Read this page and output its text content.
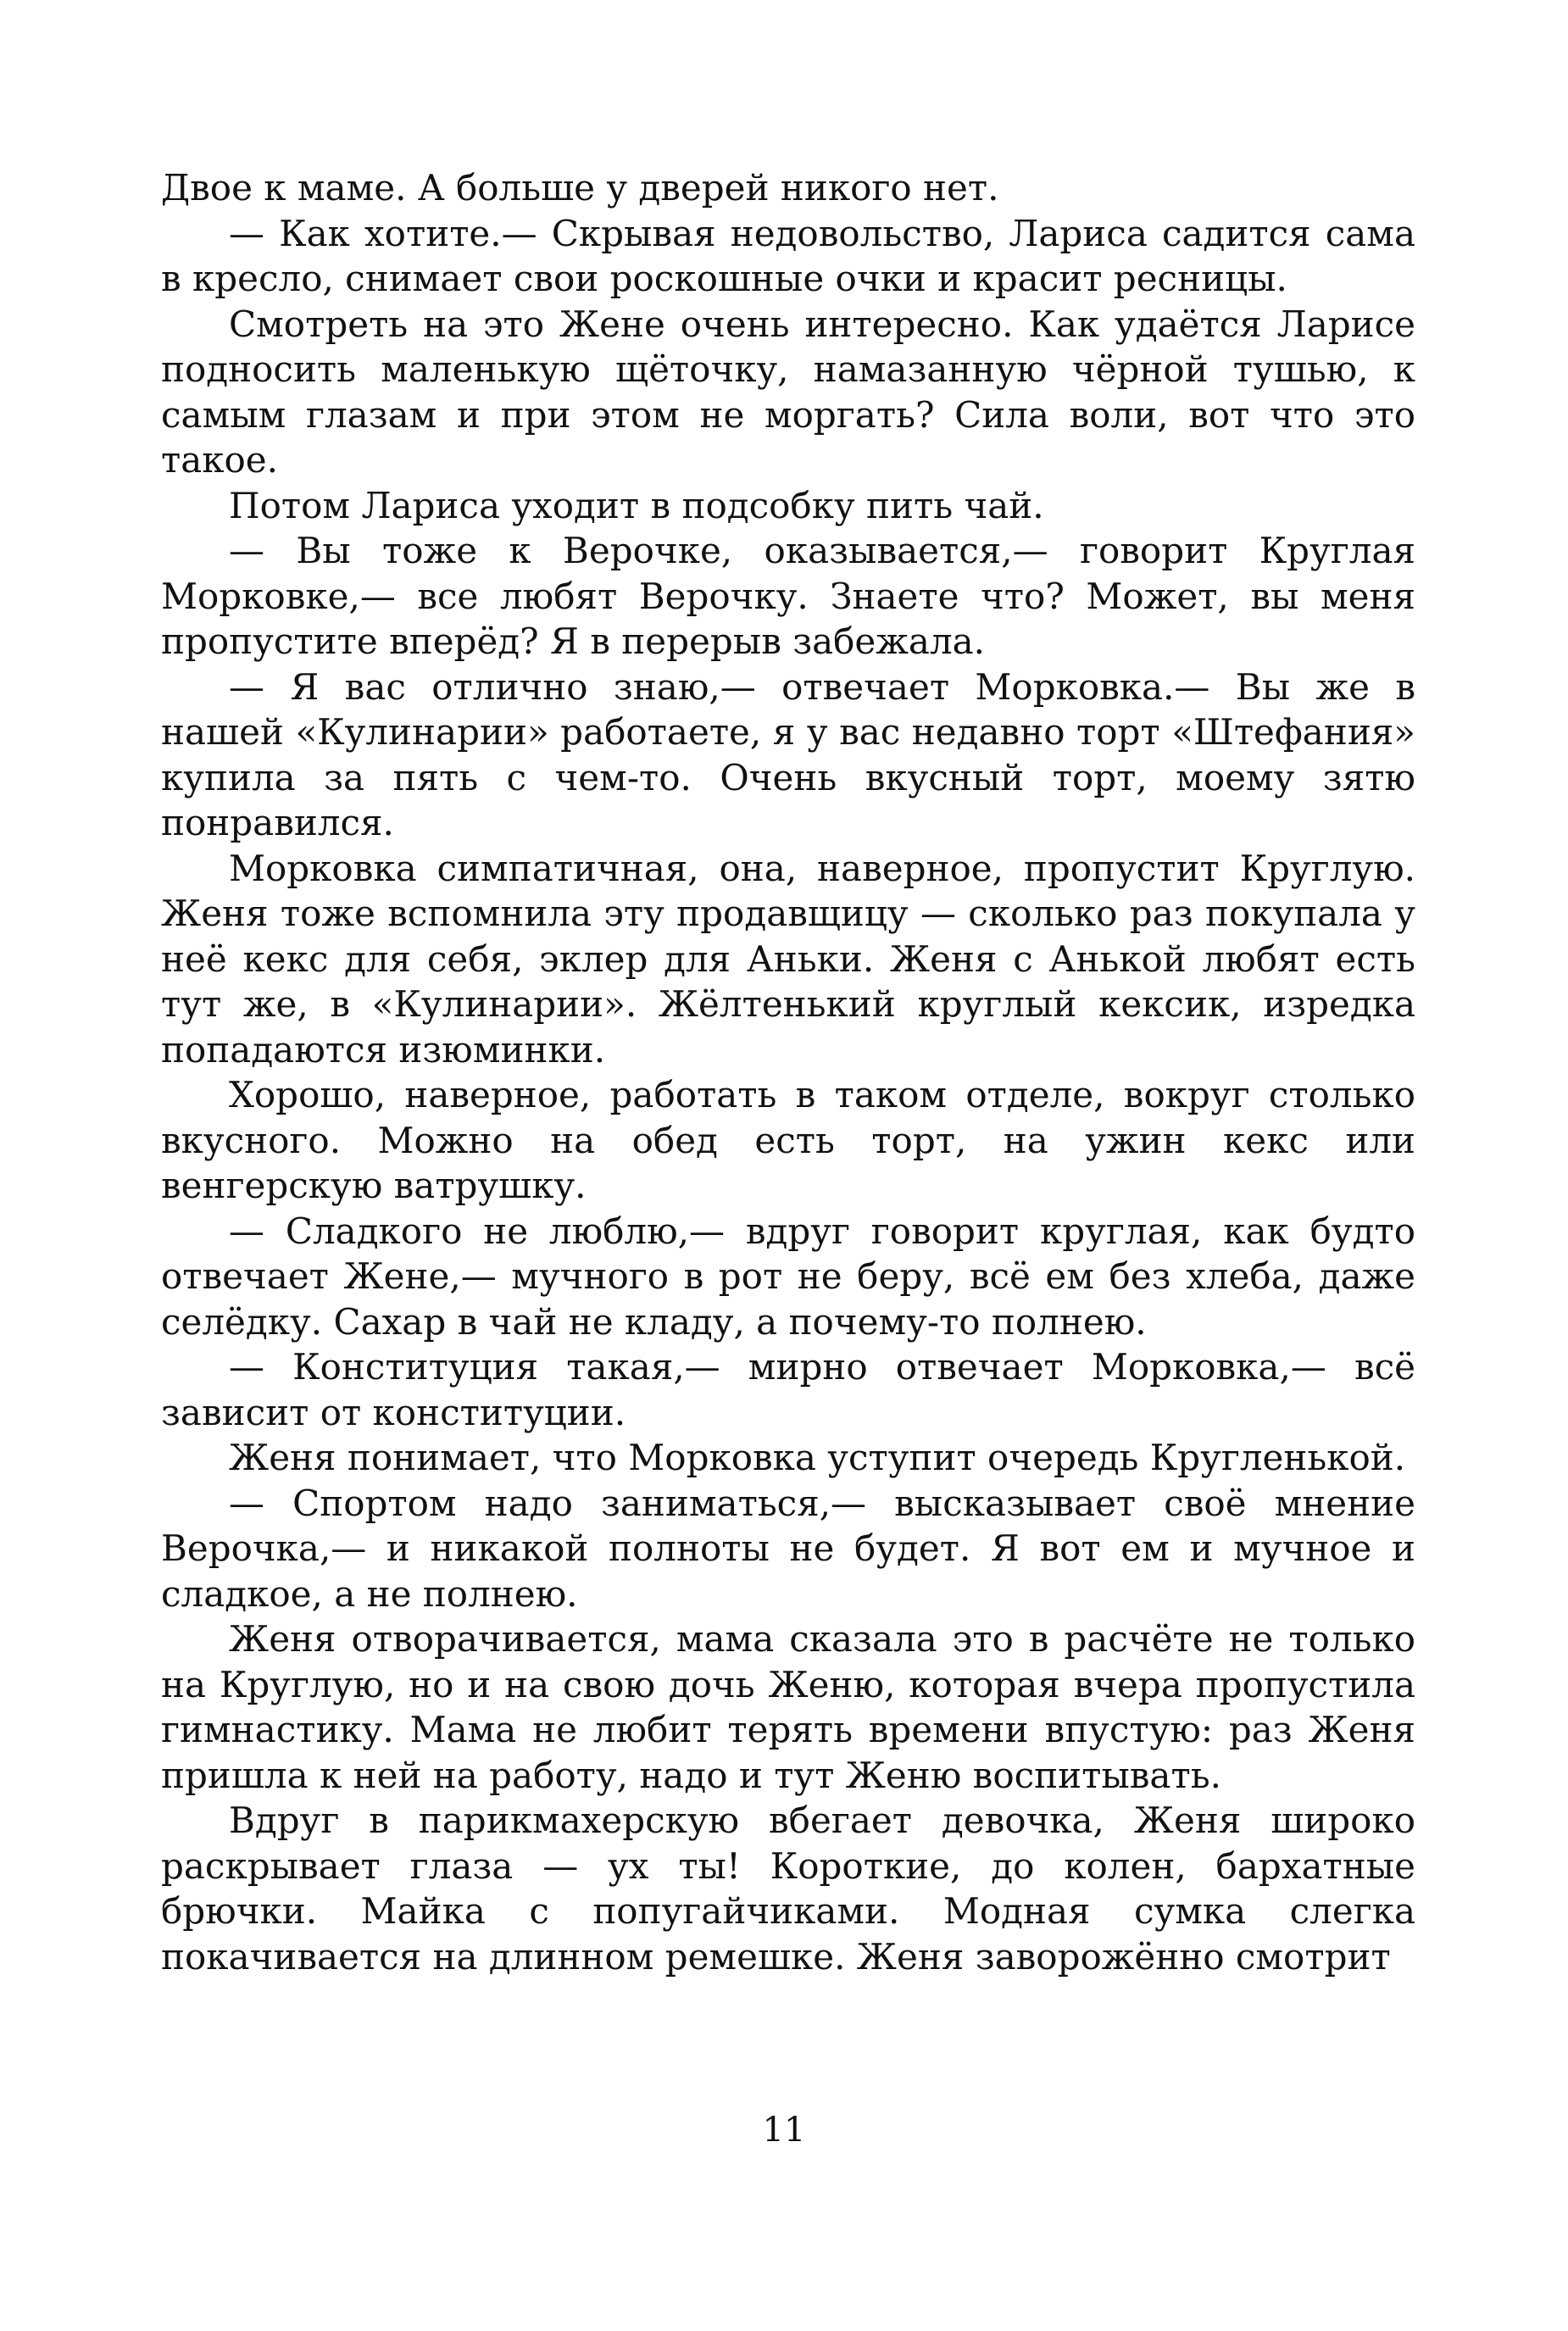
Двое к маме. А больше у дверей никого нет.

— Как хотите.— Скрывая недовольство, Лариса садится сама в кресло, снимает свои роскошные очки и красит ресницы.

Смотреть на это Жене очень интересно. Как удаётся Ларисе подносить маленькую щёточку, намазанную чёрной тушью, к самым глазам и при этом не моргать? Сила воли, вот что это такое.

Потом Лариса уходит в подсобку пить чай.

— Вы тоже к Верочке, оказывается,— говорит Круглая Морковке,— все любят Верочку. Знаете что? Может, вы меня пропустите вперёд? Я в перерыв забежала.

— Я вас отлично знаю,— отвечает Морковка.— Вы же в нашей «Кулинарии» работаете, я у вас недавно торт «Штефания» купила за пять с чем-то. Очень вкусный торт, моему зятю понравился.

Морковка симпатичная, она, наверное, пропустит Круглую. Женя тоже вспомнила эту продавщицу — сколько раз покупала у неё кекс для себя, эклер для Аньки. Женя с Анькой любят есть тут же, в «Кулинарии». Жёлтенький круглый кексик, изредка попадаются изюминки.

Хорошо, наверное, работать в таком отделе, вокруг столько вкусного. Можно на обед есть торт, на ужин кекс или венгерскую ватрушку.

— Сладкого не люблю,— вдруг говорит круглая, как будто отвечает Жене,— мучного в рот не беру, всё ем без хлеба, даже селёдку. Сахар в чай не кладу, а почему-то полнею.

— Конституция такая,— мирно отвечает Морковка,— всё зависит от конституции.

Женя понимает, что Морковка уступит очередь Кругленькой.

— Спортом надо заниматься,— высказывает своё мнение Верочка,— и никакой полноты не будет. Я вот ем и мучное и сладкое, а не полнею.

Женя отворачивается, мама сказала это в расчёте не только на Круглую, но и на свою дочь Женю, которая вчера пропустила гимнастику. Мама не любит терять времени впустую: раз Женя пришла к ней на работу, надо и тут Женю воспитывать.

Вдруг в парикмахерскую вбегает девочка, Женя широко раскрывает глаза — ух ты! Короткие, до колен, бархатные брючки. Майка с попугайчиками. Модная сумка слегка покачивается на длинном ремешке. Женя заворожённо смотрит

11
